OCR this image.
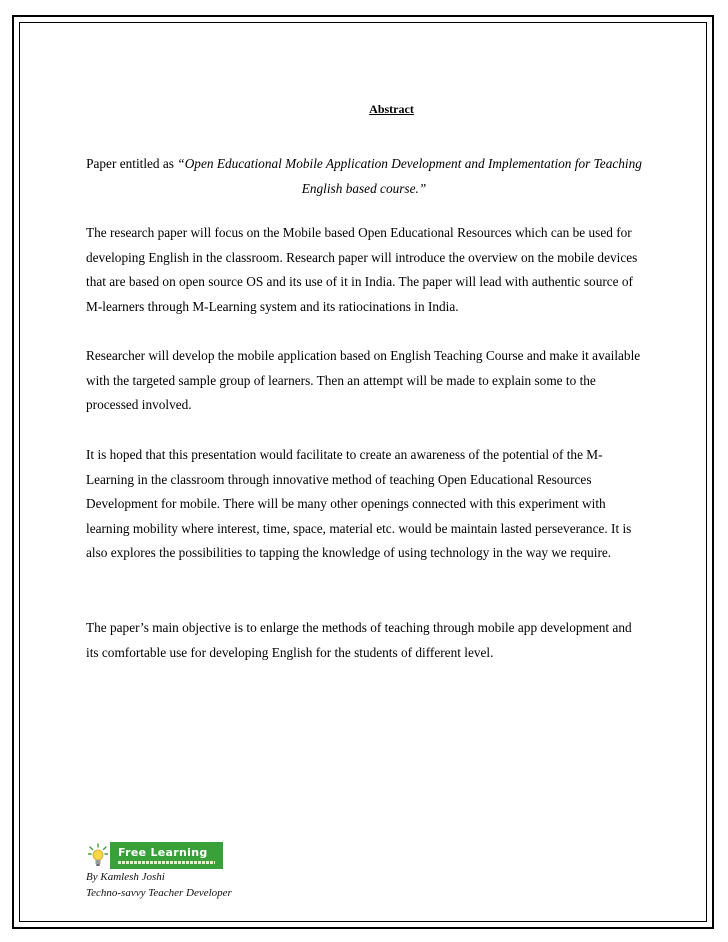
Abstract
Paper entitled as “Open Educational Mobile Application Development and Implementation for Teaching English based course.”

The research paper will focus on the Mobile based Open Educational Resources which can be used for developing English in the classroom. Research paper will introduce the overview on the mobile devices that are based on open source OS and its use of it in India. The paper will lead with authentic source of M-learners through M-Learning system and its ratiocinations in India.

Researcher will develop the mobile application based on English Teaching Course and make it available with the targeted sample group of learners. Then an attempt will be made to explain some to the processed involved.

It is hoped that this presentation would facilitate to create an awareness of the potential of the M-Learning in the classroom through innovative method of teaching Open Educational Resources Development for mobile. There will be many other openings connected with this experiment with learning mobility where interest, time, space, material etc. would be maintain lasted perseverance. It is also explores the possibilities to tapping the knowledge of using technology in the way we require.

The paper’s main objective is to enlarge the methods of teaching through mobile app development and its comfortable use for developing English for the students of different level.

Free Learning
By Kamlesh Joshi
Techno-savvy Teacher Developer
